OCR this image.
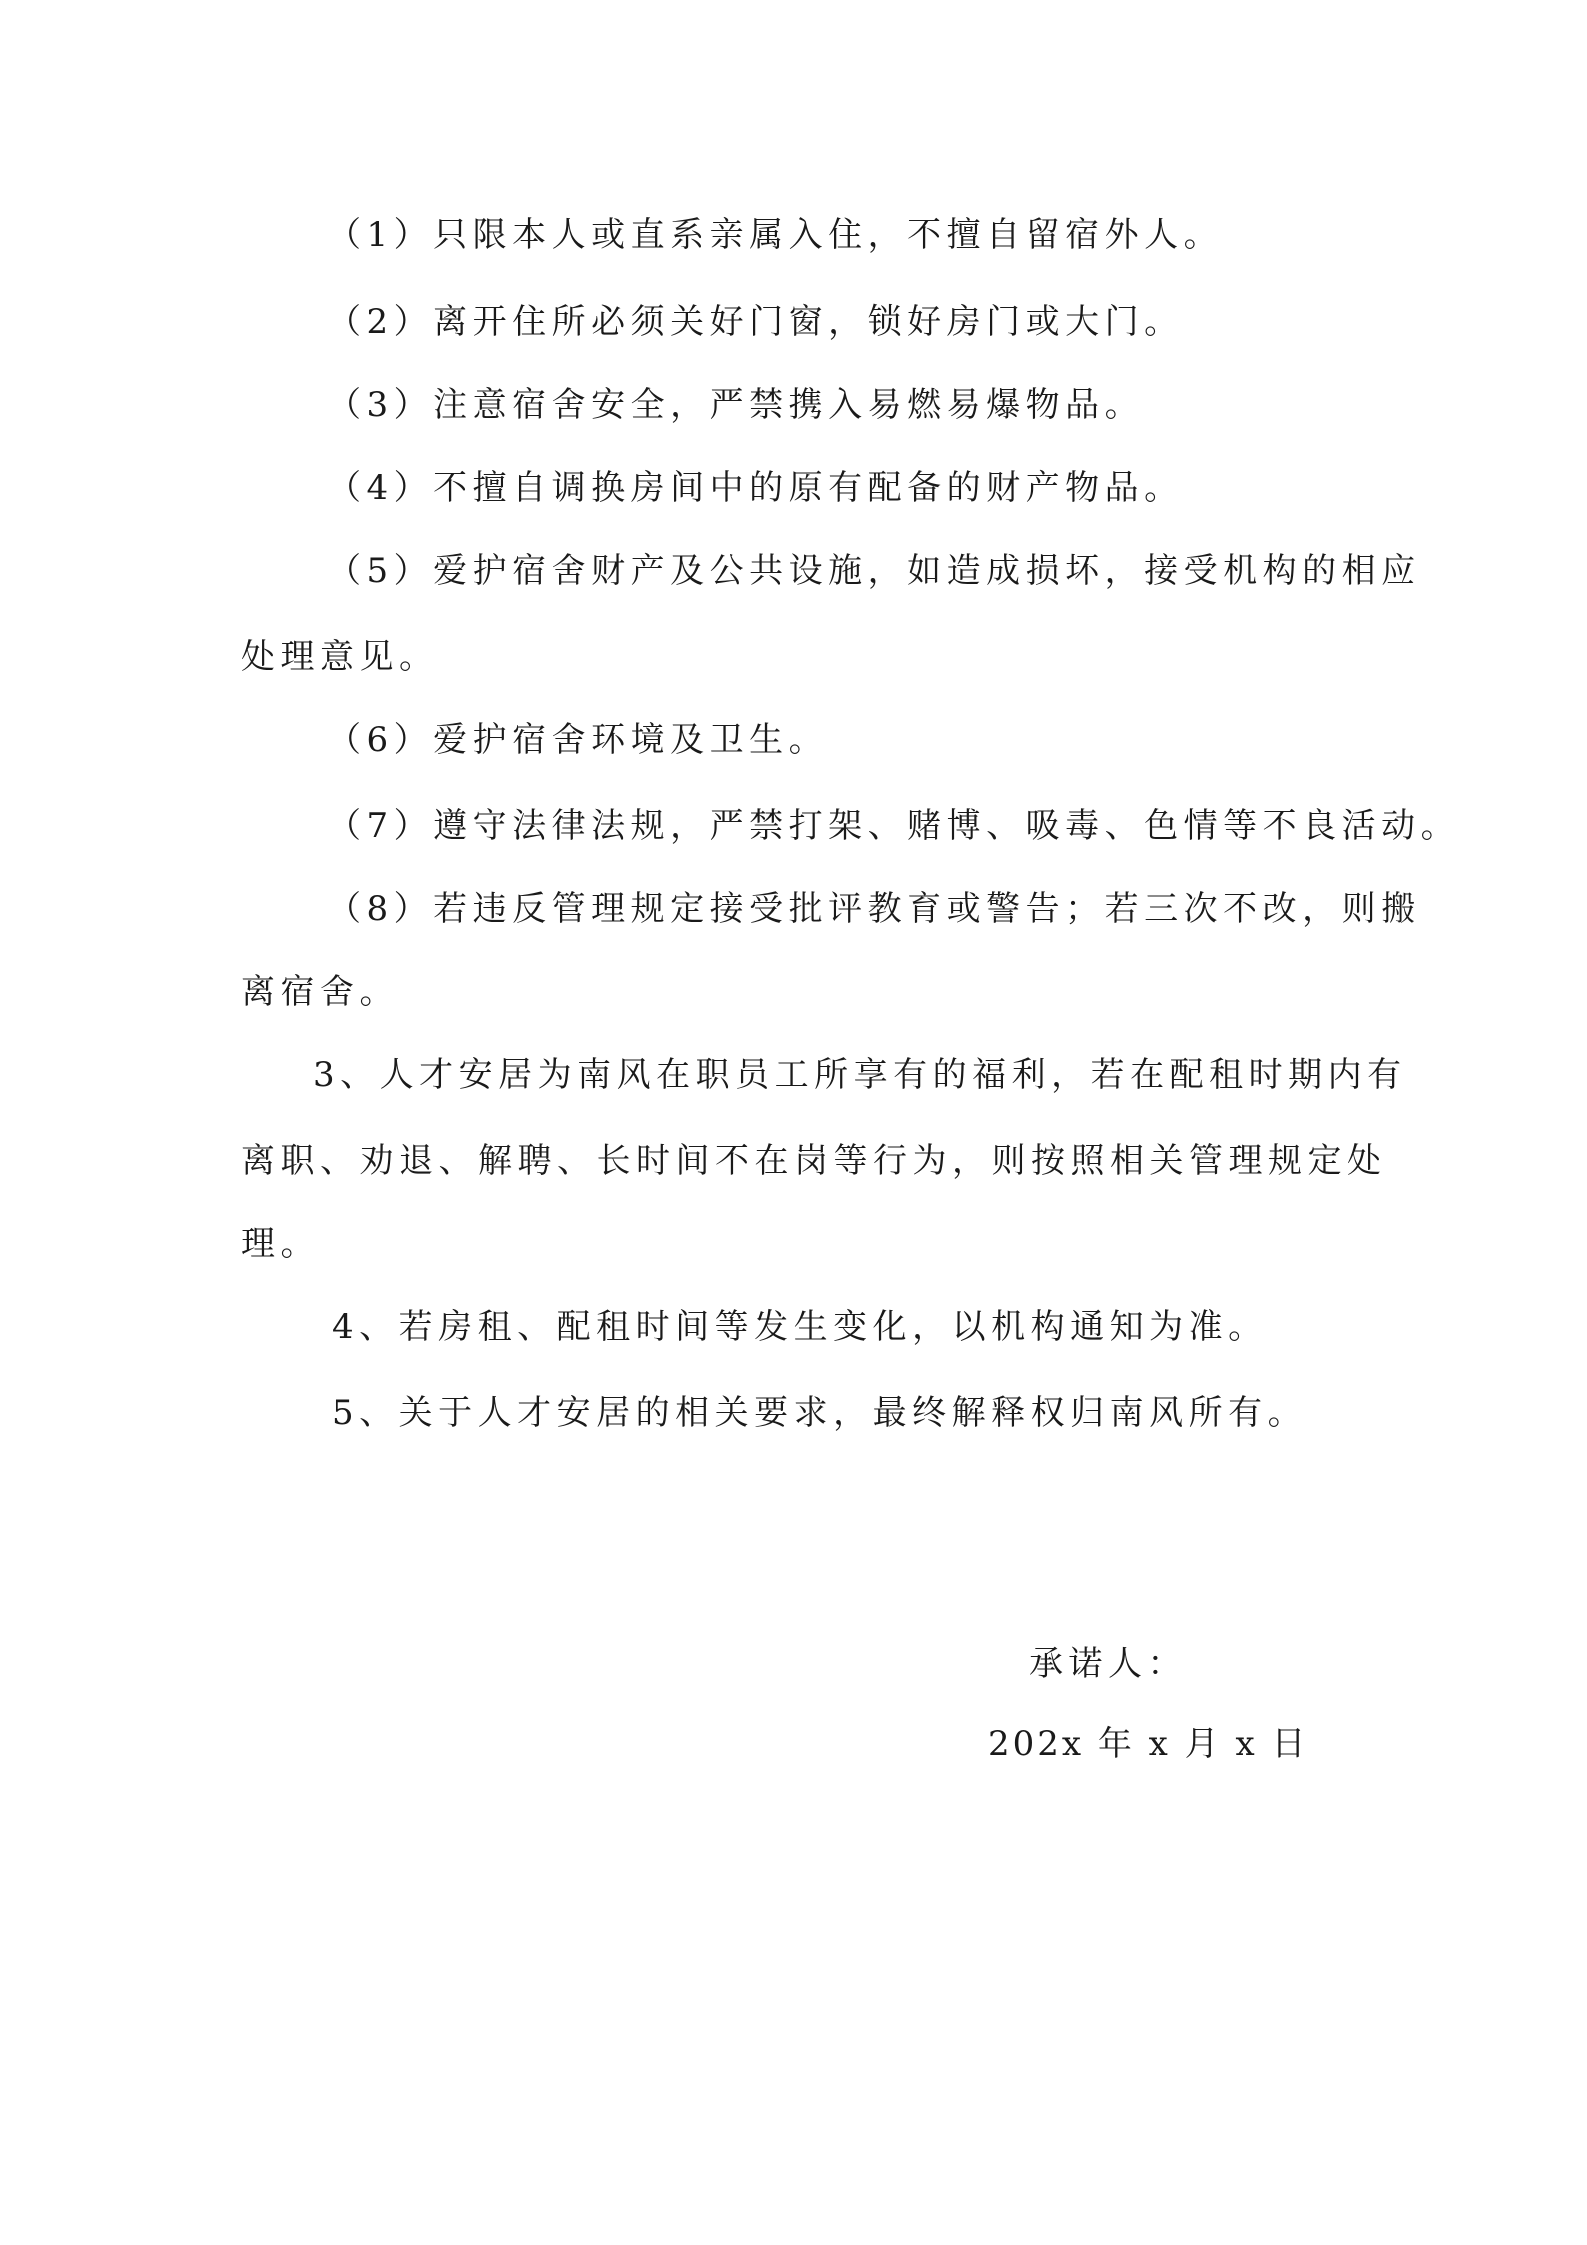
（1）只限本人或直系亲属入住，不擅自留宿外人。
（2）离开住所必须关好门窗，锁好房门或大门。
（3）注意宿舍安全，严禁携入易燃易爆物品。
（4）不擅自调换房间中的原有配备的财产物品。
（5）爱护宿舍财产及公共设施，如造成损坏，接受机构的相应
处理意见。
（6）爱护宿舍环境及卫生。
（7）遵守法律法规，严禁打架、赌博、吸毒、色情等不良活动。
（8）若违反管理规定接受批评教育或警告；若三次不改，则搬
离宿舍。
3、人才安居为南风在职员工所享有的福利，若在配租时期内有
离职、劝退、解聘、长时间不在岗等行为，则按照相关管理规定处
理。
4、若房租、配租时间等发生变化，以机构通知为准。
5、关于人才安居的相关要求，最终解释权归南风所有。
承诺人：
202x 年 x 月 x 日
